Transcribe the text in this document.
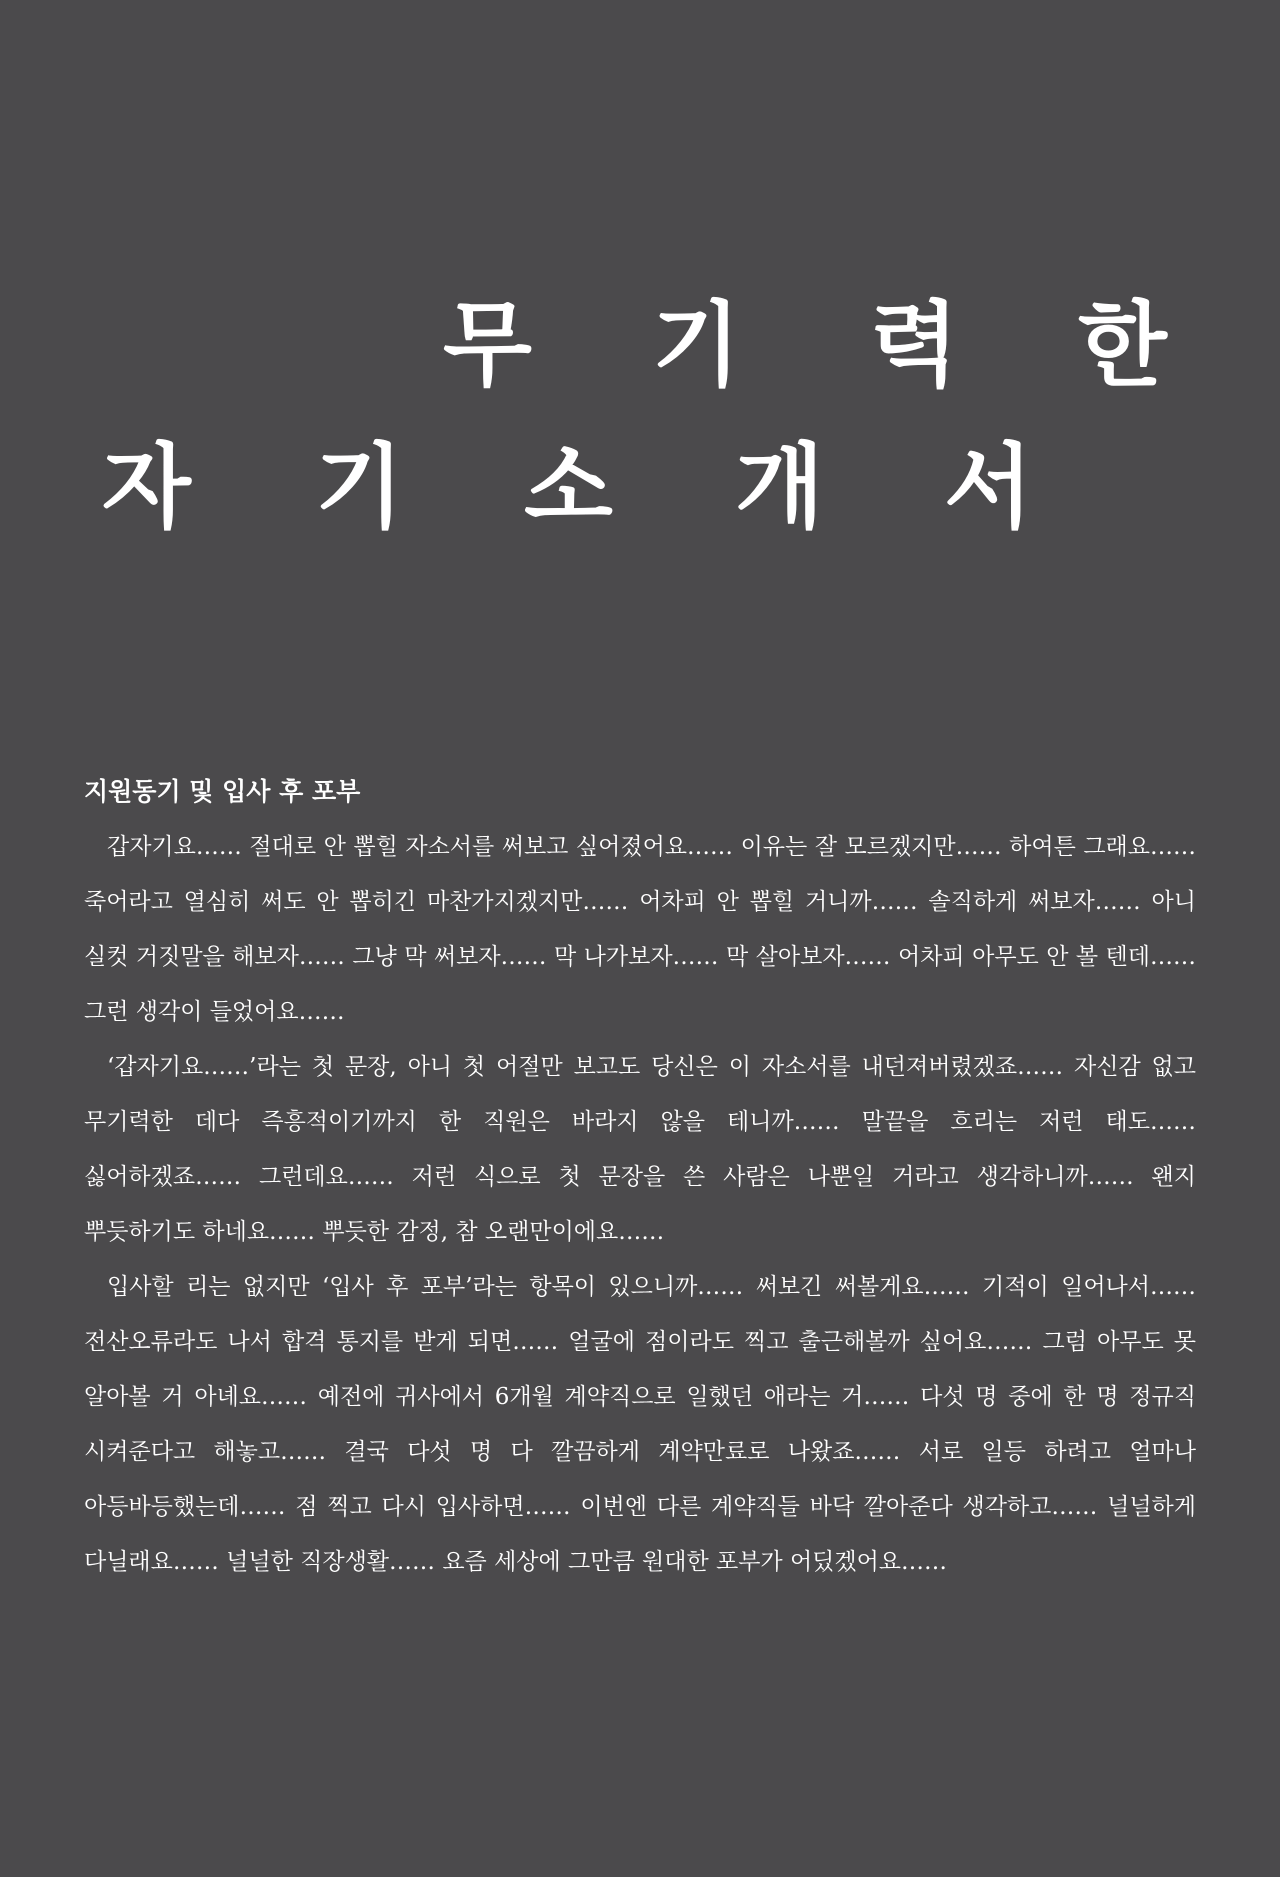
무 기 력 한
자 기 소 개 서
지원동기 및 입사 후 포부

갑자기요…… 절대로 안 뽑힐 자소서를 써보고 싶어졌어요…… 이유는 잘 모르겠지만…… 하여튼 그래요…… 죽어라고 열심히 써도 안 뽑히긴 마찬가지겠지만…… 어차피 안 뽑힐 거니까…… 솔직하게 써보자…… 아니 실컷 거짓말을 해보자…… 그냥 막 써보자…… 막 나가보자…… 막 살아보자…… 어차피 아무도 안 볼 텐데…… 그런 생각이 들었어요……

‘갑자기요……’라는 첫 문장, 아니 첫 어절만 보고도 당신은 이 자소서를 내던져버렸겠죠…… 자신감 없고 무기력한 데다 즉흥적이기까지 한 직원은 바라지 않을 테니까…… 말끝을 흐리는 저런 태도…… 싫어하겠죠…… 그런데요…… 저런 식으로 첫 문장을 쓴 사람은 나뿐일 거라고 생각하니까…… 왠지 뿌듯하기도 하네요…… 뿌듯한 감정, 참 오랜만이에요……

입사할 리는 없지만 ‘입사 후 포부’라는 항목이 있으니까…… 써보긴 써볼게요…… 기적이 일어나서…… 전산오류라도 나서 합격 통지를 받게 되면…… 얼굴에 점이라도 찍고 출근해볼까 싶어요…… 그럼 아무도 못 알아볼 거 아녜요…… 예전에 귀사에서 6개월 계약직으로 일했던 애라는 거…… 다섯 명 중에 한 명 정규직 시켜준다고 해놓고…… 결국 다섯 명 다 깔끔하게 계약만료로 나왔죠…… 서로 일등 하려고 얼마나 아등바등했는데…… 점 찍고 다시 입사하면…… 이번엔 다른 계약직들 바닥 깔아준다 생각하고…… 널널하게 다닐래요…… 널널한 직장생활…… 요즘 세상에 그만큼 원대한 포부가 어딨겠어요……
